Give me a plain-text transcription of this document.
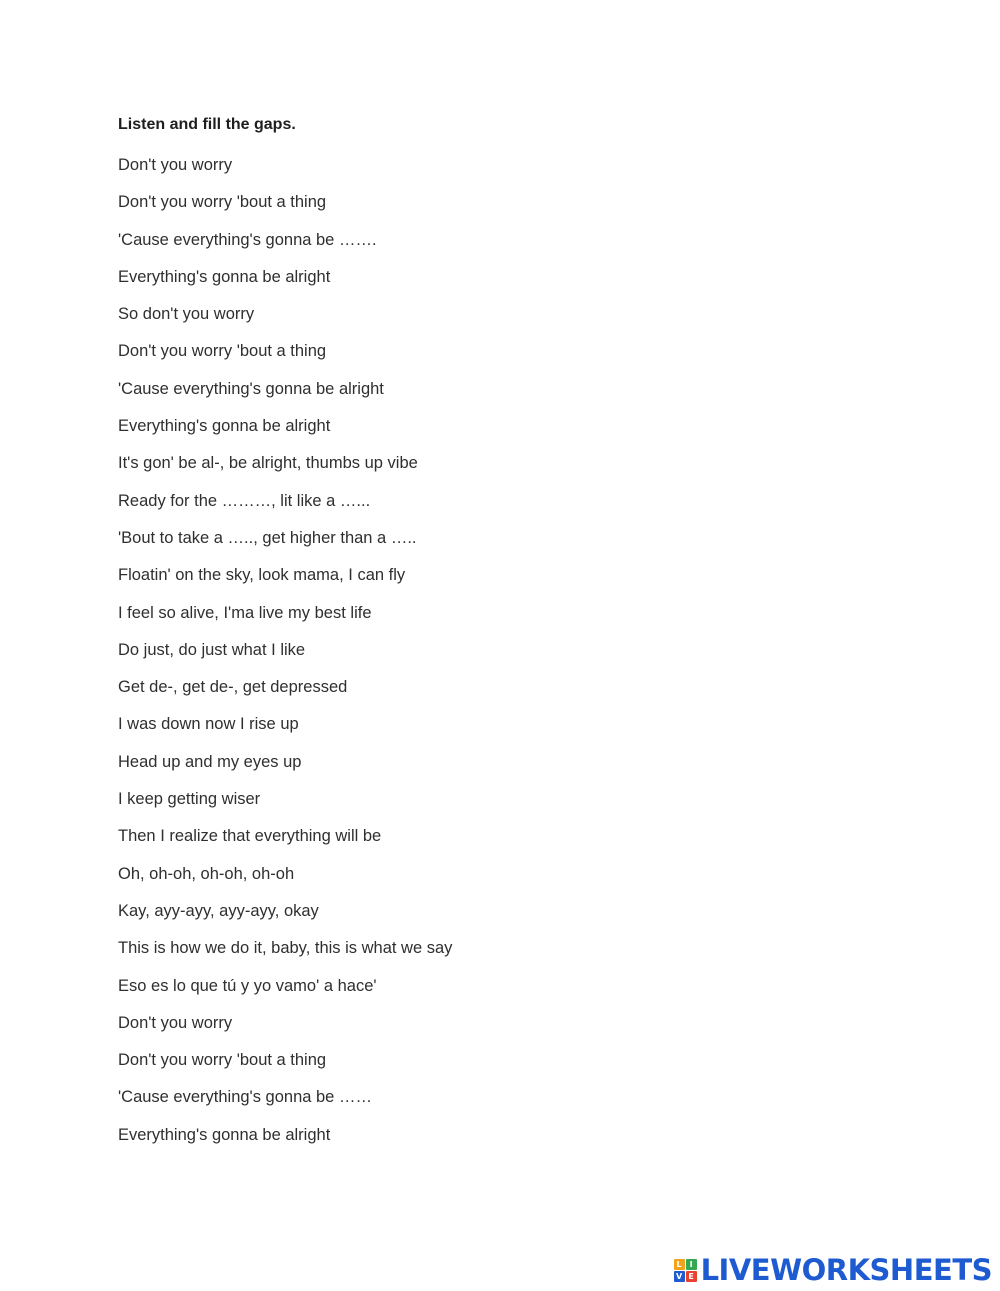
Listen and fill the gaps.
Don't you worry
Don't you worry 'bout a thing
'Cause everything's gonna be …….
Everything's gonna be alright
So don't you worry
Don't you worry 'bout a thing
'Cause everything's gonna be alright
Everything's gonna be alright
It's gon' be al-, be alright, thumbs up vibe
Ready for the ………, lit like a …...
'Bout to take a ….., get higher than a …..
Floatin' on the sky, look mama, I can fly
I feel so alive, I'ma live my best life
Do just, do just what I like
Get de-, get de-, get depressed
I was down now I rise up
Head up and my eyes up
I keep getting wiser
Then I realize that everything will be
Oh, oh-oh, oh-oh, oh-oh
Kay, ayy-ayy, ayy-ayy, okay
This is how we do it, baby, this is what we say
Eso es lo que tú y yo vamo' a hace'
Don't you worry
Don't you worry 'bout a thing
'Cause everything's gonna be ……
Everything's gonna be alright
L I
V E LIVEWORKSHEETS
